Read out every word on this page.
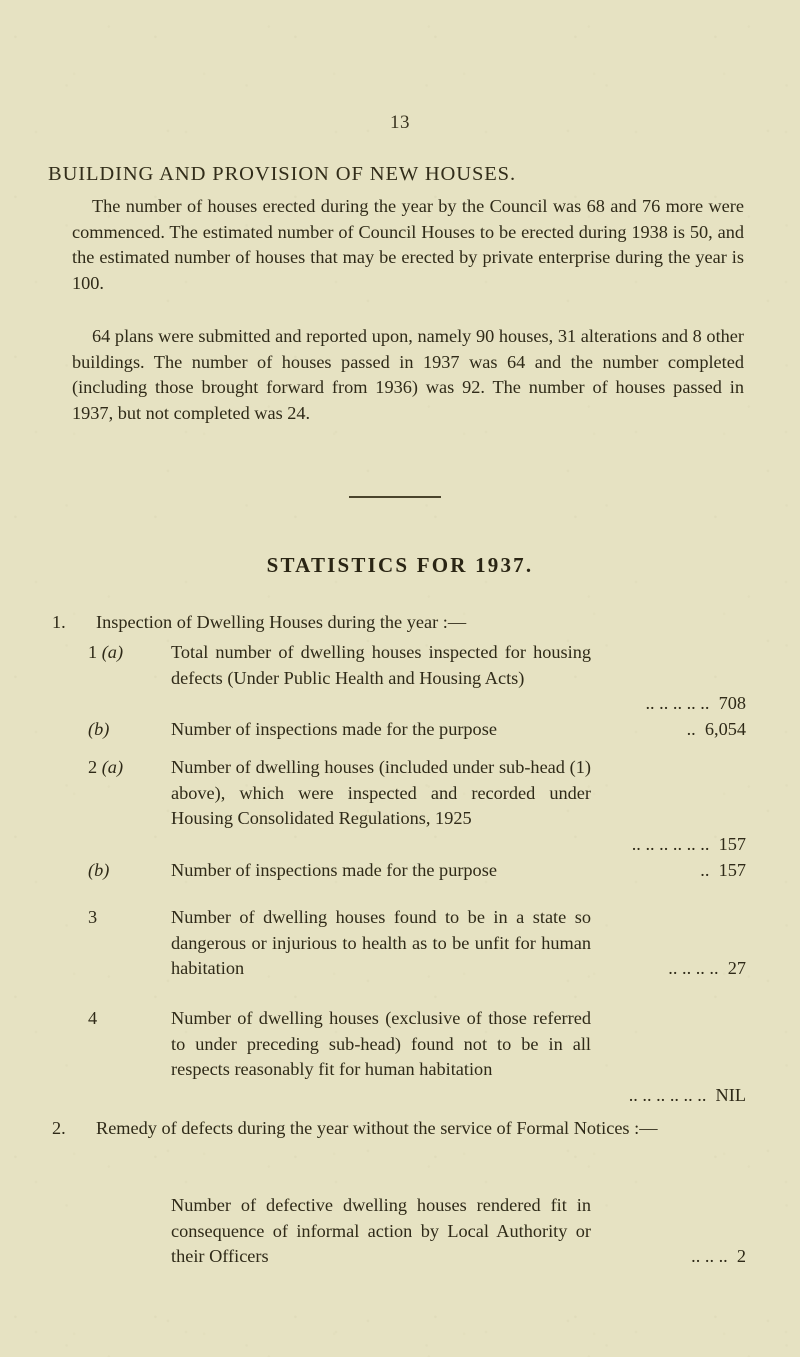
13
BUILDING AND PROVISION OF NEW HOUSES.
The number of houses erected during the year by the Council was 68 and 76 more were commenced. The estimated number of Council Houses to be erected during 1938 is 50, and the estimated number of houses that may be erected by private enterprise during the year is 100.
64 plans were submitted and reported upon, namely 90 houses, 31 alterations and 8 other buildings. The number of houses passed in 1937 was 64 and the number completed (including those brought forward from 1936) was 92. The number of houses passed in 1937, but not completed was 24.
STATISTICS FOR 1937.
1.	Inspection of Dwelling Houses during the year :—
1 (a)	Total number of dwelling houses inspected for housing defects (Under Public Health and Housing Acts)
.. .. .. .. .. 708
(b)	Number of inspections made for the purpose	.. 6,054
2 (a)	Number of dwelling houses (included under sub-head (1) above), which were inspected and recorded under Housing Consolidated Regulations, 1925
.. .. .. .. .. .. 157
(b)	Number of inspections made for the purpose	.. 157
3	Number of dwelling houses found to be in a state so dangerous or injurious to health as to be unfit for human habitation	.. .. .. .. 27
4	Number of dwelling houses (exclusive of those referred to under preceding sub-head) found not to be in all respects reasonably fit for human habitation
.. .. .. .. .. .. NIL
2.	Remedy of defects during the year without the service of Formal Notices :—
Number of defective dwelling houses rendered fit in consequence of informal action by Local Authority or their Officers	.. .. .. 2
